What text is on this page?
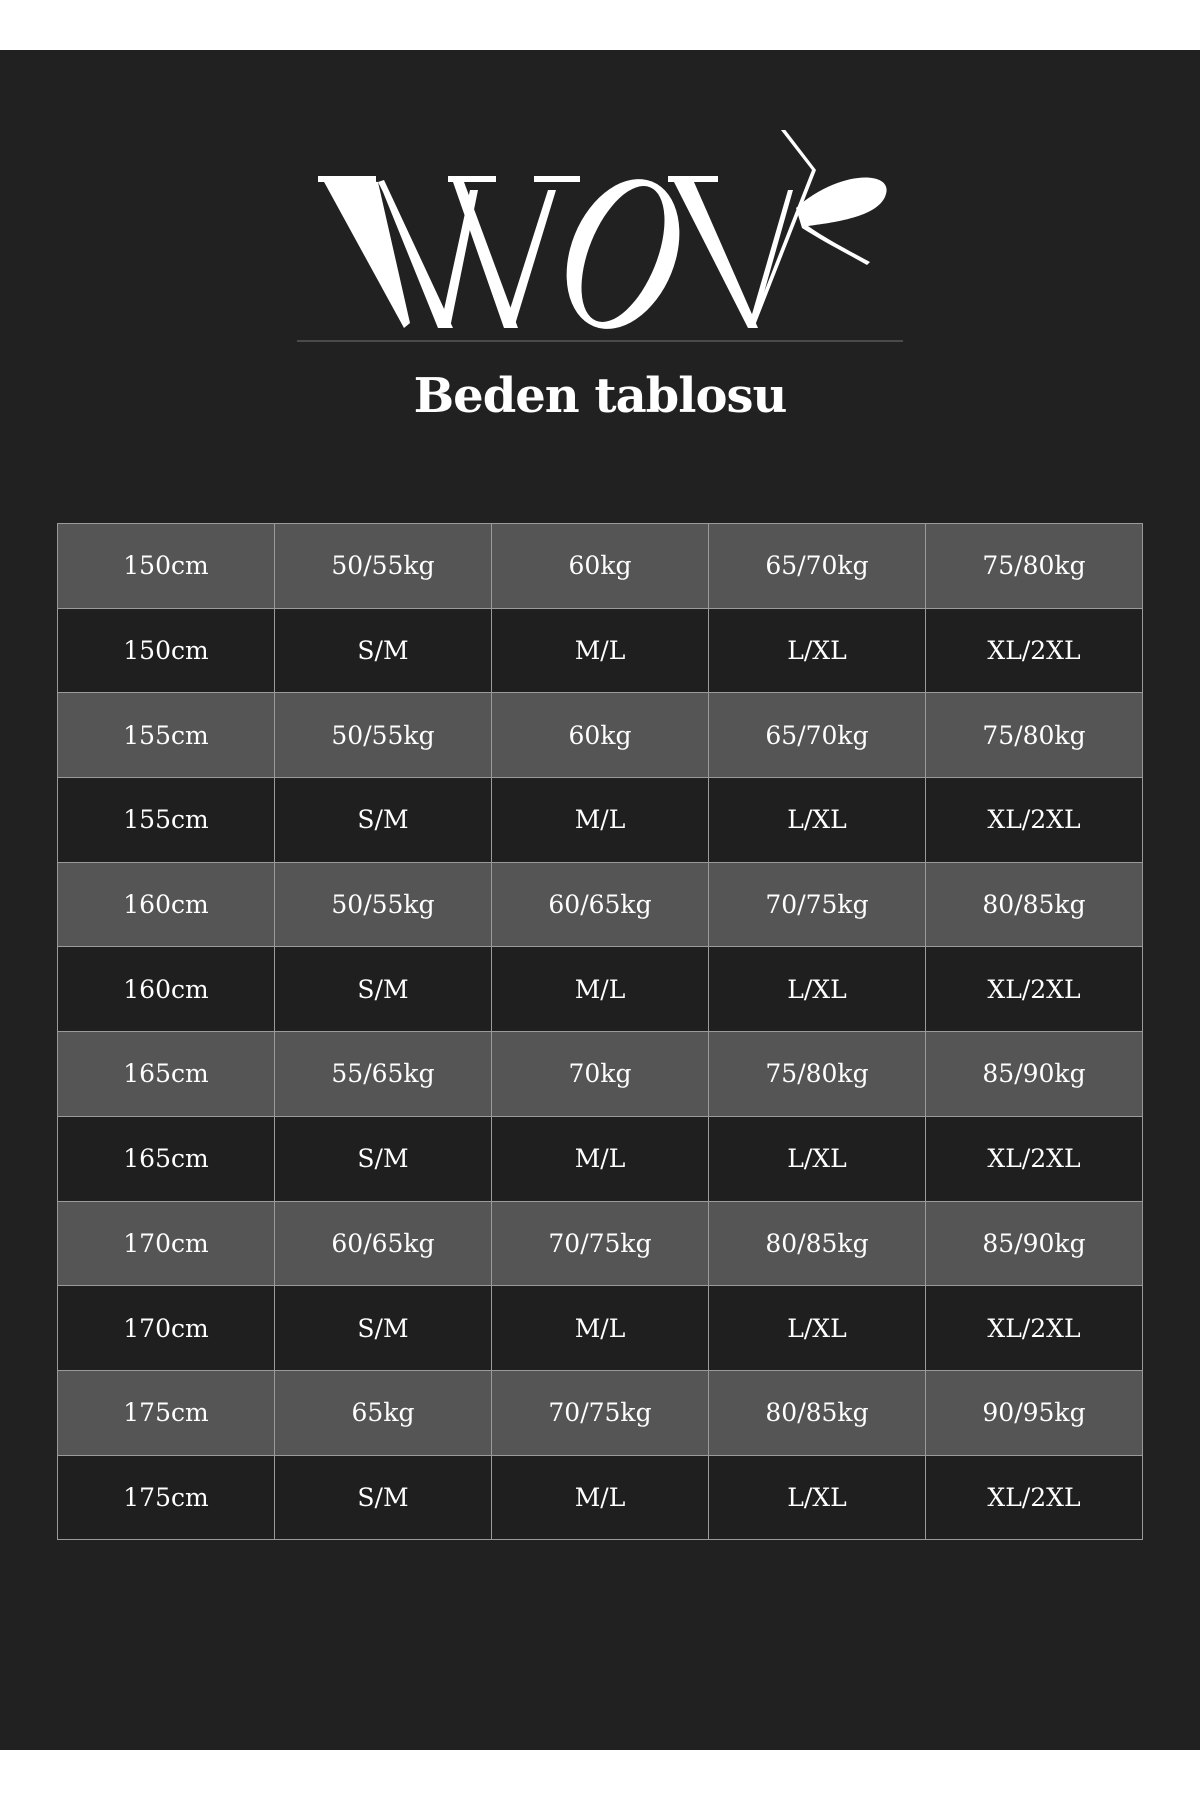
Beden tablosu
150cm	50/55kg	60kg	65/70kg	75/80kg
150cm	S/M	M/L	L/XL	XL/2XL
155cm	50/55kg	60kg	65/70kg	75/80kg
155cm	S/M	M/L	L/XL	XL/2XL
160cm	50/55kg	60/65kg	70/75kg	80/85kg
160cm	S/M	M/L	L/XL	XL/2XL
165cm	55/65kg	70kg	75/80kg	85/90kg
165cm	S/M	M/L	L/XL	XL/2XL
170cm	60/65kg	70/75kg	80/85kg	85/90kg
170cm	S/M	M/L	L/XL	XL/2XL
175cm	65kg	70/75kg	80/85kg	90/95kg
175cm	S/M	M/L	L/XL	XL/2XL
